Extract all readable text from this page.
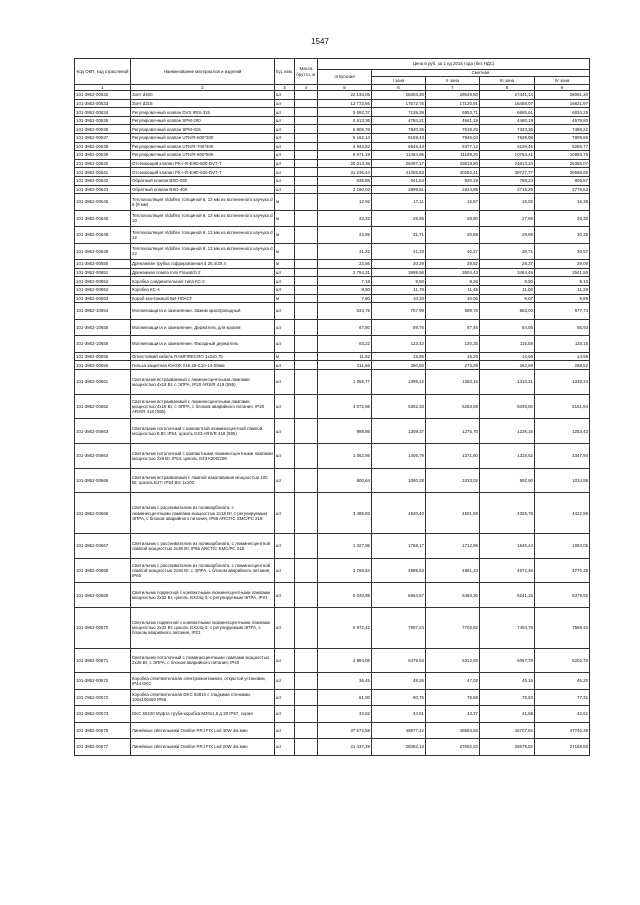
1547
Код ОКП, код отраслевой	Наименование материалов и изделий	Ед. изм.	Масса брутто, кг	Цена в руб. за 1 ед 2015 года (без НДС)				
				отпускная	Сметная			
					I зона	II зона	III зона	IV зона
1	2	3	4	5	6	7	8	9
101-3862-00632	Зонт d400	шт		22 133,05	28303,30	28649,80	27441,14	28051,30
101-3862-00633	Зонт d315	шт		13 772,66	17572,76	17120,91	16458,07	16821,97
101-3862-00634	Регулировочный клапан DVS IRIS-315	шт		5 592,37	7139,29	6953,71	6685,61	6834,25
101-3862-00635	Регулировочный клапан SPM-200	шт		3 613,36	4784,21	4661,19	4480,19	4579,80
101-3862-00636	Регулировочный клапан SPM-315	шт		5 905,76	7820,35	7619,25	7323,36	7486,22
101-3862-00637	Регулировочный клапан UTK/R-600*300	шт		6 162,14	8159,43	7946,04	7639,98	7809,86
101-3862-00638	Регулировочный клапан UTK/R-700*400	шт		4 943,82	6545,43	6377,12	6129,46	6265,77
101-3862-00639	Регулировочный клапан UTK/R-800*500	шт		8 671,19	11484,86	11189,20	10754,41	10993,75
101-3862-00640	Отсекающий клапан PK-I-R-EI90-600-DV7-T	шт		20 013,36	26497,17	25819,80	24813,34	25365,07
101-3862-00641	Отсекающий клапан PK-I-R-EI90-630-DV7-T	шт		31 236,44	41355,83	40292,41	38727,77	39588,69
101-3862-00642	Обратный клапан BSD-250	шт		636,85	841,64	820,19	788,24	805,87
101-3862-00643	Обратный клапан BSD-400	шт		2 190,03	2899,51	2824,95	2715,25	2775,63
101-3862-00645	Теплоизоляция Vidoflex толщиной 6, 13 мм из вспененного каучука d 6 (9 мм)	м		12,92	17,11	16,67	16,02	16,38
101-3862-00646	Теплоизоляция Vidoflex толщиной 9, 13 мм из вспененного каучука d 10	м		22,33	29,56	28,80	27,69	28,30
101-3862-00648	Теплоизоляция Vidoflex толщиной 9, 13 мм из вспененного каучука d 12	м		23,95	31,71	30,89	29,69	30,35
101-3862-00649	Теплоизоляция Vidoflex толщиной 9, 13 мм из вспененного каучука d 22	м		31,22	41,33	40,27	38,71	39,57
101-3862-00650	Дренажная трубка гофрированная d 25,4/20,4	м		22,86	30,29	29,52	28,37	29,00
101-3862-00651	Дренажная помпа mini Flowatch 2	шт		2 794,31	3699,56	3604,43	3464,46	3541,50
101-3862-00652	Коробка соединительная типа КС-2	шт		7,18	9,50	9,26	8,90	9,10
101-3862-00652	Коробка КС-4	шт		8,90	11,78	11,48	11,03	11,28
101-3862-00653	Короб монтажный БИ-ПЛАСТ	м		7,80	10,33	10,06	9,67	9,89
101-3862-10654	Молниезащита и заземление. Зажим краспроводный	шт		534,75	707,99	689,76	663,00	677,74
101-3862-10655	Молниезащита и заземление. Держатель для кровли	шт		67,80	89,76	87,46	84,06	85,93
101-3862-10656	Молниезащита и заземление. Фасадный держатель	шт		93,22	123,42	120,25	115,58	118,15
101-3862-00655	Огнестойкий кабель RAMFIRECRO 1х2х0,75	м		11,82	15,65	15,25	14,66	14,98
101-3862-00656	Гильза защитная ЮНОК 015.20-С10-14-50мм	шт		211,66	280,50	273,29	262,69	268,52
101-3862-00661	Светильник встраиваемый с люминесцентными лампами мощностью 4х18 Вт, с ЭПРА, IP20 ARS/R 418 (595)	шт		1 056,77	1399,12	1363,15	1310,21	1339,34
101-3862-00662	Светильник встраиваемый с люминесцентными лампами мощностью 4х18 Вт, с ЭПРА, с блоком аварийного питания, IP20 ARS/R 418 (595)	шт		4 072,86	5392,33	5253,68	5049,60	5161,94
101-3862-00663	Светильник потолочный с компактной люминесцентной лампой мощностью 9 Вт, IP54, цоколь G23 ARS/R 418 (595)	шт		988,98	1309,37	1275,70	1226,16	1253,43
101-3862-00664	Светильник потолочный с компактными люминесцентными лампами мощностью 2х9 Вт, IP54, цоколь G23 К200/209	шт		1 062,56	1406,79	1371,60	1318,62	1347,94
101-3862-00665	Светильник встраиваемый с лампой накаливания мощностью 100 Вт, цоколь E27, IP54 BG 1х100	шт		800,64	1060,28	1033,02	992,90	1014,98
101-3862-00666	Светильник с рассеивателем из поликарбоната, с люминесцентными лампами мощностью 2х18 Вт, с регулируемым ЭПРА, с блоком аварийного питания, IP65 ARCTIC SMC/PC 218	шт		3 489,83	4620,40	4501,59	4326,78	4422,99
101-3862-00667	Светильник с рассеивателем из поликарбоната, с люминесцентной лампой мощностью 2х36 Вт, IP65 ARCTIC SMC/PC 218	шт		1 327,96	1758,17	1712,96	1646,44	1683,05
101-3862-00668	Светильник с рассеивателем из поликарбоната, с люминесцентной лампой мощностью 2х36 Вт, с ЭПРА, с блоком аварийного питания, IP65	шт		3 768,64	4989,53	4861,23	4672,46	4776,35
101-3862-00669	Светильник подвесной с компактными люминесцентными лампами мощностью 2х32 Вт, цоколь GX24q-3, с регулируемым ЭПРА, IP21	шт		5 033,89	6664,67	6493,30	6241,15	6379,92
101-3862-00670	Светильник подвесной с компактными люминесцентными лампами мощностью 2х32 Вт, цоколь GX24q-3, с регулируемым ЭПРА, с блоком аварийного питания, IP21	шт		5 972,42	7907,24	7703,92	7404,76	7569,40
101-3862-00671	Светильник потолочный с люминесцентными лампами мощностью 2х36 Вт, с ЭПРА, с блоком аварийного питания, IP40	шт		4 894,06	6479,54	6312,93	6067,78	6202,70
101-3862-00672	Коробка ответвительная электромонтажная, открытой установки, IP44 DKC	шт		36,45	48,26	47,02	45,19	46,20
101-7862-00672	Коробка ответвительная DKC 53810 с гладкими стенками, 100х100х50 IP56	шт		61,00	80,76	78,68	75,63	77,31
101-3862-00673	DKC 50220 Муфта труба-коробка М20х1,5 д 20 IP67, серая	шт		33,62	44,51	43,37	41,68	42,61
101-3862-00675	Линейные светильники Ovaline PRJ FIX Led 40W 4м мин	шт		37 672,58	49877,42	48594,66	46707,84	47746,39
101-3862-00677	Линейные светильники Ovaline PRJ FIX Led 20W 4м мин	шт		21 437,29	28382,13	27652,22	26578,52	27169,50
